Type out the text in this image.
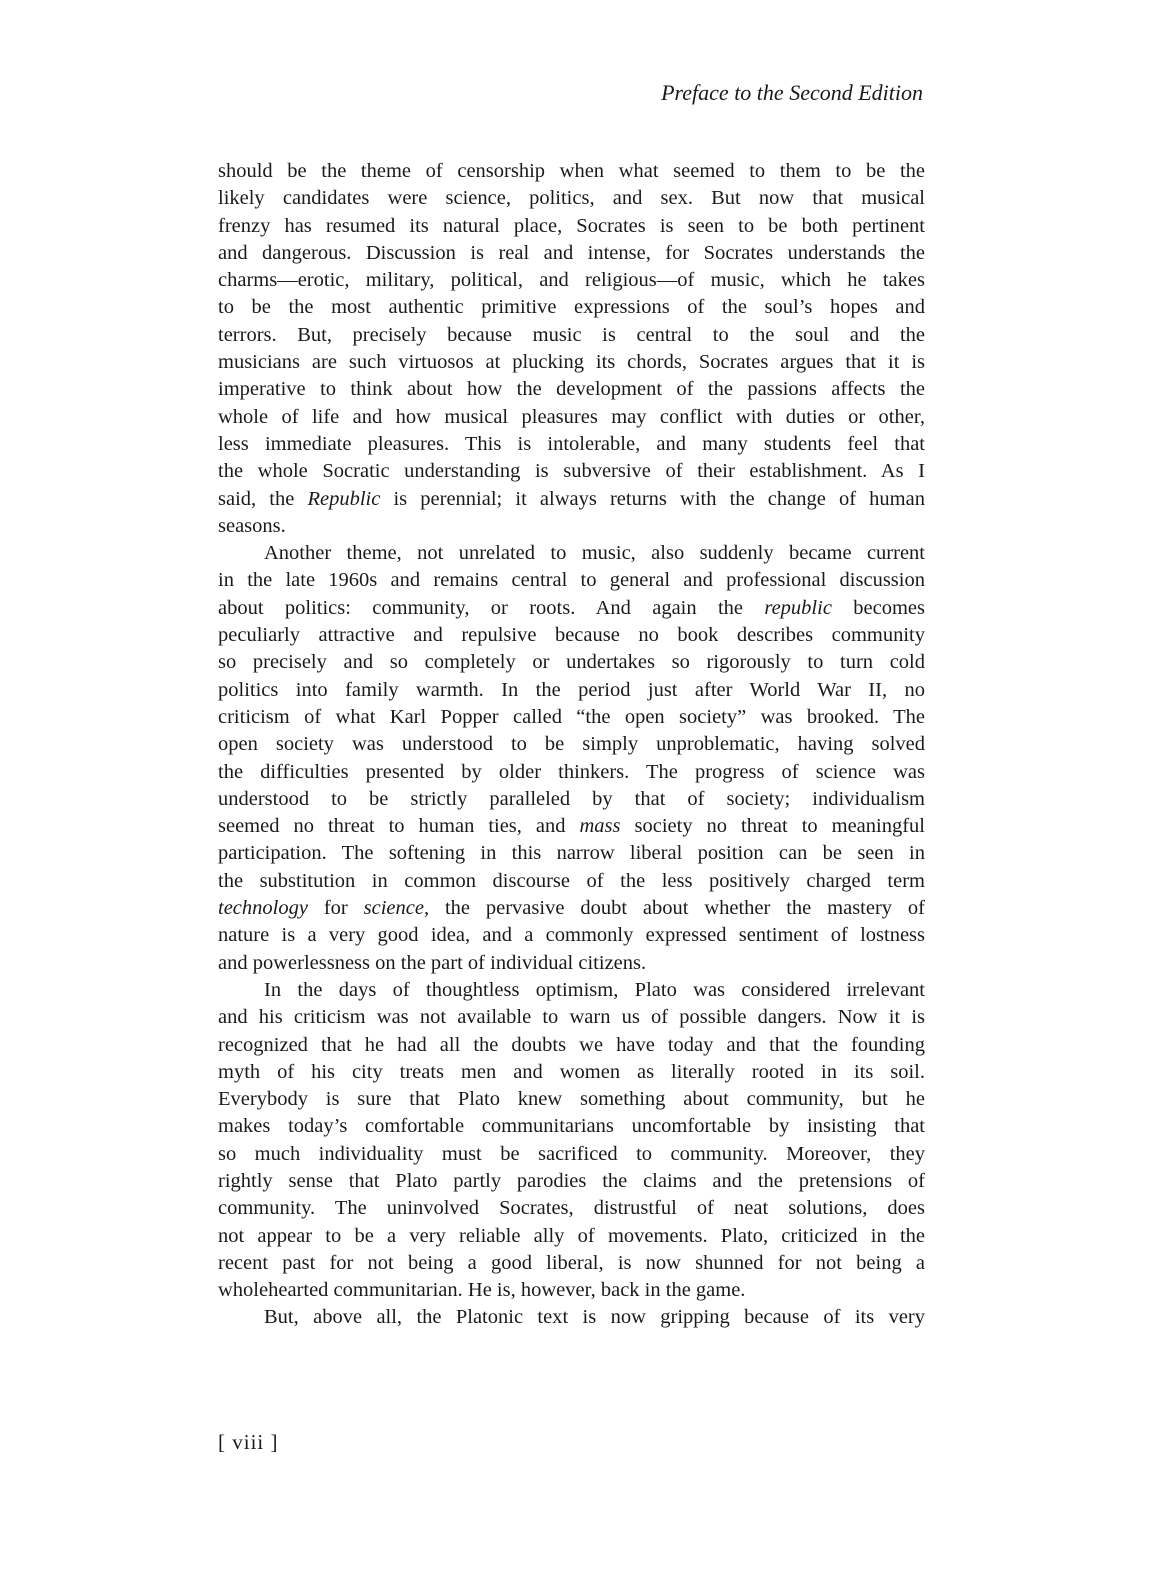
Preface to the Second Edition
should be the theme of censorship when what seemed to them to be the
likely candidates were science, politics, and sex. But now that musical
frenzy has resumed its natural place, Socrates is seen to be both pertinent
and dangerous. Discussion is real and intense, for Socrates understands the
charms—erotic, military, political, and religious—of music, which he takes
to be the most authentic primitive expressions of the soul’s hopes and
terrors. But, precisely because music is central to the soul and the
musicians are such virtuosos at plucking its chords, Socrates argues that it is
imperative to think about how the development of the passions affects the
whole of life and how musical pleasures may conflict with duties or other,
less immediate pleasures. This is intolerable, and many students feel that
the whole Socratic understanding is subversive of their establishment. As I
said, the Republic is perennial; it always returns with the change of human
seasons.
Another theme, not unrelated to music, also suddenly became current
in the late 1960s and remains central to general and professional discussion
about politics: community, or roots. And again the republic becomes
peculiarly attractive and repulsive because no book describes community
so precisely and so completely or undertakes so rigorously to turn cold
politics into family warmth. In the period just after World War II, no
criticism of what Karl Popper called “the open society” was brooked. The
open society was understood to be simply unproblematic, having solved
the difficulties presented by older thinkers. The progress of science was
understood to be strictly paralleled by that of society; individualism
seemed no threat to human ties, and mass society no threat to meaningful
participation. The softening in this narrow liberal position can be seen in
the substitution in common discourse of the less positively charged term
technology for science, the pervasive doubt about whether the mastery of
nature is a very good idea, and a commonly expressed sentiment of lostness
and powerlessness on the part of individual citizens.
In the days of thoughtless optimism, Plato was considered irrelevant
and his criticism was not available to warn us of possible dangers. Now it is
recognized that he had all the doubts we have today and that the founding
myth of his city treats men and women as literally rooted in its soil.
Everybody is sure that Plato knew something about community, but he
makes today’s comfortable communitarians uncomfortable by insisting that
so much individuality must be sacrificed to community. Moreover, they
rightly sense that Plato partly parodies the claims and the pretensions of
community. The uninvolved Socrates, distrustful of neat solutions, does
not appear to be a very reliable ally of movements. Plato, criticized in the
recent past for not being a good liberal, is now shunned for not being a
wholehearted communitarian. He is, however, back in the game.
But, above all, the Platonic text is now gripping because of its very
[ viii ]
